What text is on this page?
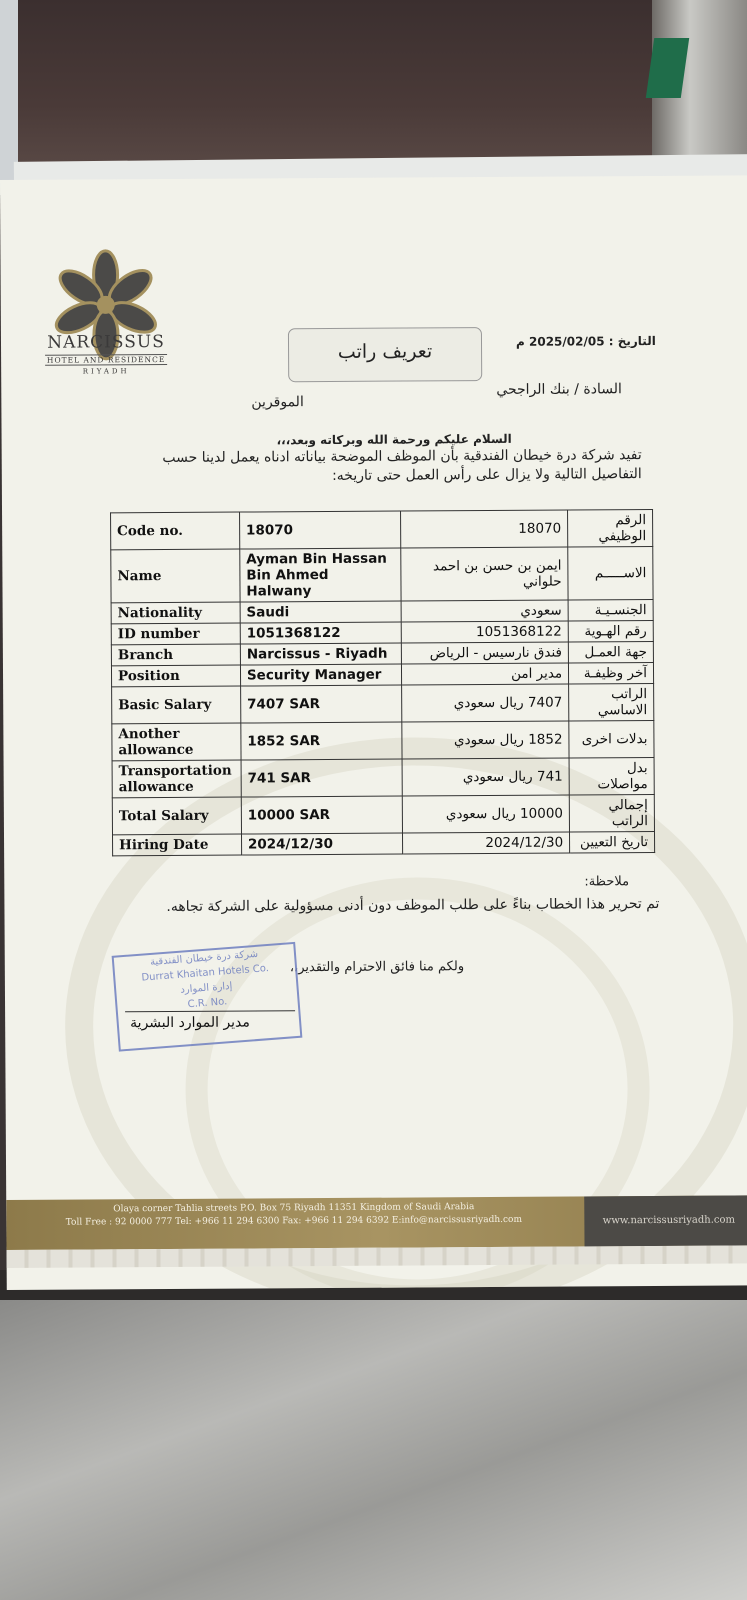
NARCISSUS
HOTEL AND RESIDENCE
RIYADH
تعريف راتب	التاريخ : 2025/02/05 م
السادة / بنك الراجحي
الموقرين
السلام عليكم ورحمة الله وبركاته وبعد،،،
تفيد شركة درة خيطان الفندقية بأن الموظف الموضحة بياناته ادناه يعمل لدينا حسب التفاصيل التالية ولا يزال على رأس العمل حتى تاريخه:
Code no.	18070	18070	الرقم الوظيفي
Name	Ayman Bin Hassan Bin Ahmed Halwany	ايمن بن حسن بن احمد حلواني	الاســـــم
Nationality	Saudi	سعودي	الجنسـيـة
ID number	1051368122	1051368122	رقم الهـوية
Branch	Narcissus - Riyadh	فندق نارسيس - الرياض	جهة العمـل
Position	Security Manager	مدير امن	آخر وظيفـة
Basic Salary	7407 SAR	7407 ريال سعودي	الراتب الاساسي
Another allowance	1852 SAR	1852 ريال سعودي	بدلات اخرى
Transportation allowance	741 SAR	741 ريال سعودي	بدل مواصلات
Total Salary	10000 SAR	10000 ريال سعودي	إجمالي الراتب
Hiring Date	2024/12/30	2024/12/30	تاريخ التعيين
ملاحظة:
تم تحرير هذا الخطاب بناءً على طلب الموظف دون أدنى مسؤولية على الشركة تجاهه.
ولكم منا فائق الاحترام والتقدير،،
شركة درة خيطان الفندقية
Durrat Khaitan Hotels Co.
إدارة الموارد
C.R. No.
مدير الموارد البشرية
Olaya corner Tahlia streets P.O. Box 75 Riyadh 11351 Kingdom of Saudi Arabia
Toll Free : 92 0000 777 Tel: +966 11 294 6300 Fax: +966 11 294 6392 E:info@narcissusriyadh.com	www.narcissusriyadh.com
